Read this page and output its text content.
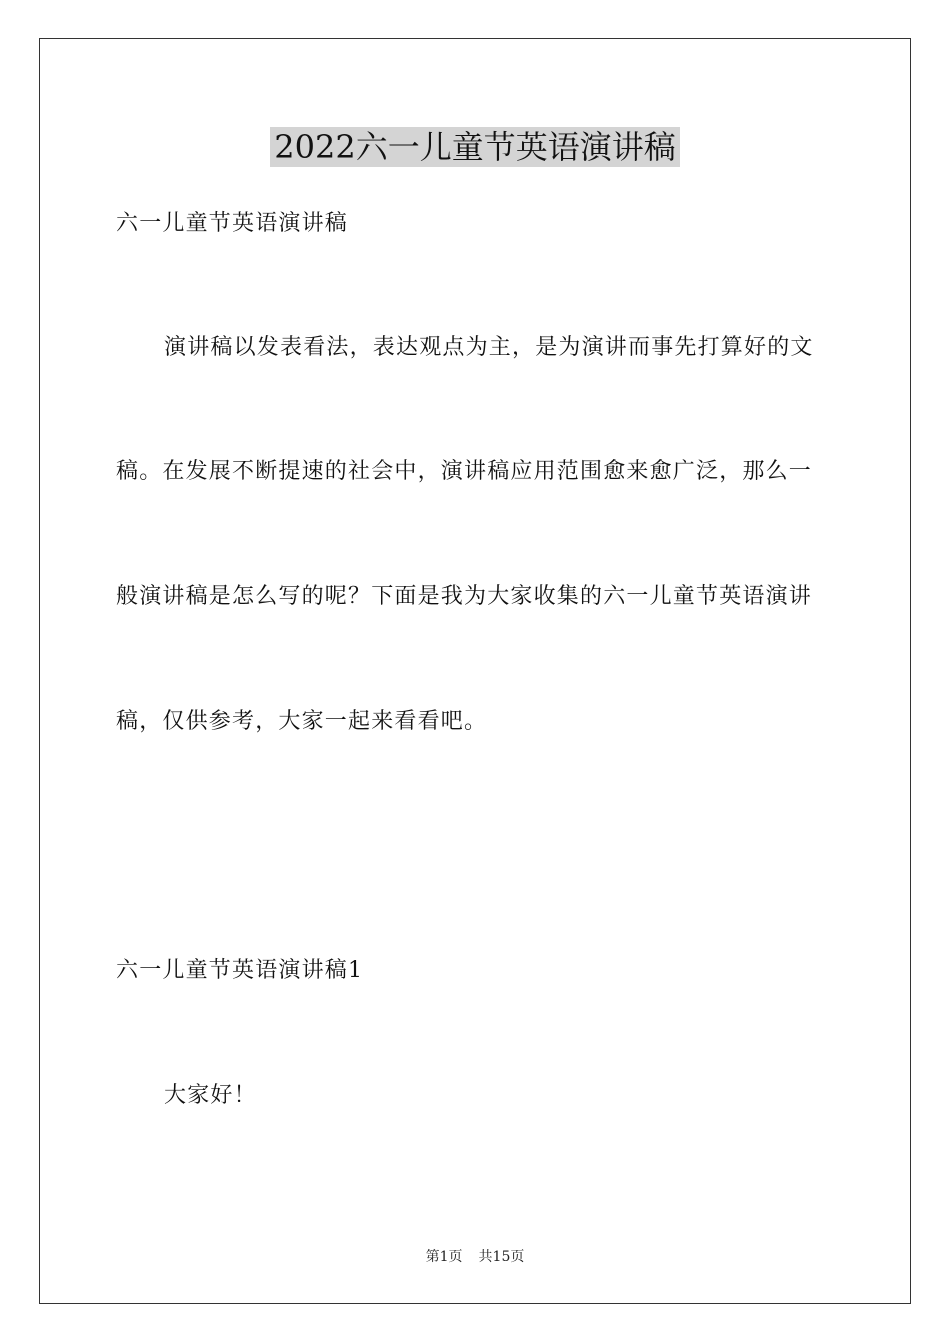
2022六一儿童节英语演讲稿
六一儿童节英语演讲稿
演讲稿以发表看法，表达观点为主，是为演讲而事先打算好的文
稿。在发展不断提速的社会中，演讲稿应用范围愈来愈广泛，那么一
般演讲稿是怎么写的呢？下面是我为大家收集的六一儿童节英语演讲
稿，仅供参考，大家一起来看看吧。
六一儿童节英语演讲稿1
大家好！
第1页 共15页
